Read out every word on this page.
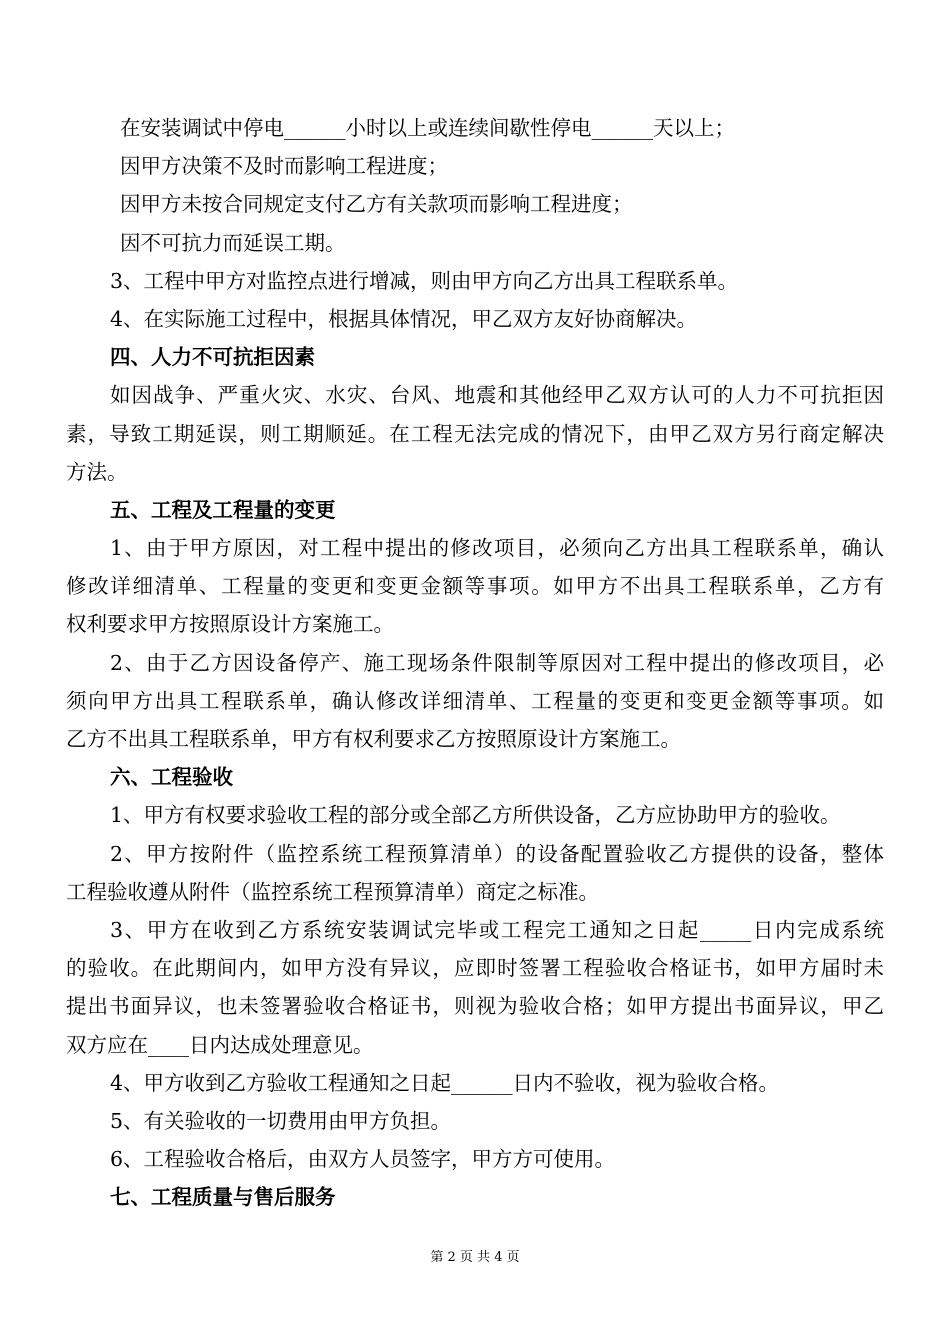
在安装调试中停电______小时以上或连续间歇性停电______天以上；
因甲方决策不及时而影响工程进度；
因甲方未按合同规定支付乙方有关款项而影响工程进度；
因不可抗力而延误工期。
3、工程中甲方对监控点进行增减，则由甲方向乙方出具工程联系单。
4、在实际施工过程中，根据具体情况，甲乙双方友好协商解决。
四、人力不可抗拒因素
如因战争、严重火灾、水灾、台风、地震和其他经甲乙双方认可的人力不可抗拒因
素，导致工期延误，则工期顺延。在工程无法完成的情况下，由甲乙双方另行商定解决
方法。
五、工程及工程量的变更
1、由于甲方原因，对工程中提出的修改项目，必须向乙方出具工程联系单，确认
修改详细清单、工程量的变更和变更金额等事项。如甲方不出具工程联系单，乙方有
权利要求甲方按照原设计方案施工。
2、由于乙方因设备停产、施工现场条件限制等原因对工程中提出的修改项目，必
须向甲方出具工程联系单，确认修改详细清单、工程量的变更和变更金额等事项。如
乙方不出具工程联系单，甲方有权利要求乙方按照原设计方案施工。
六、工程验收
1、甲方有权要求验收工程的部分或全部乙方所供设备，乙方应协助甲方的验收。
2、甲方按附件（监控系统工程预算清单）的设备配置验收乙方提供的设备，整体
工程验收遵从附件（监控系统工程预算清单）商定之标准。
3、甲方在收到乙方系统安装调试完毕或工程完工通知之日起_____日内完成系统
的验收。在此期间内，如甲方没有异议，应即时签署工程验收合格证书，如甲方届时未
提出书面异议，也未签署验收合格证书，则视为验收合格；如甲方提出书面异议，甲乙
双方应在____日内达成处理意见。
4、甲方收到乙方验收工程通知之日起______日内不验收，视为验收合格。
5、有关验收的一切费用由甲方负担。
6、工程验收合格后，由双方人员签字，甲方方可使用。
七、工程质量与售后服务
第 2 页 共 4 页
